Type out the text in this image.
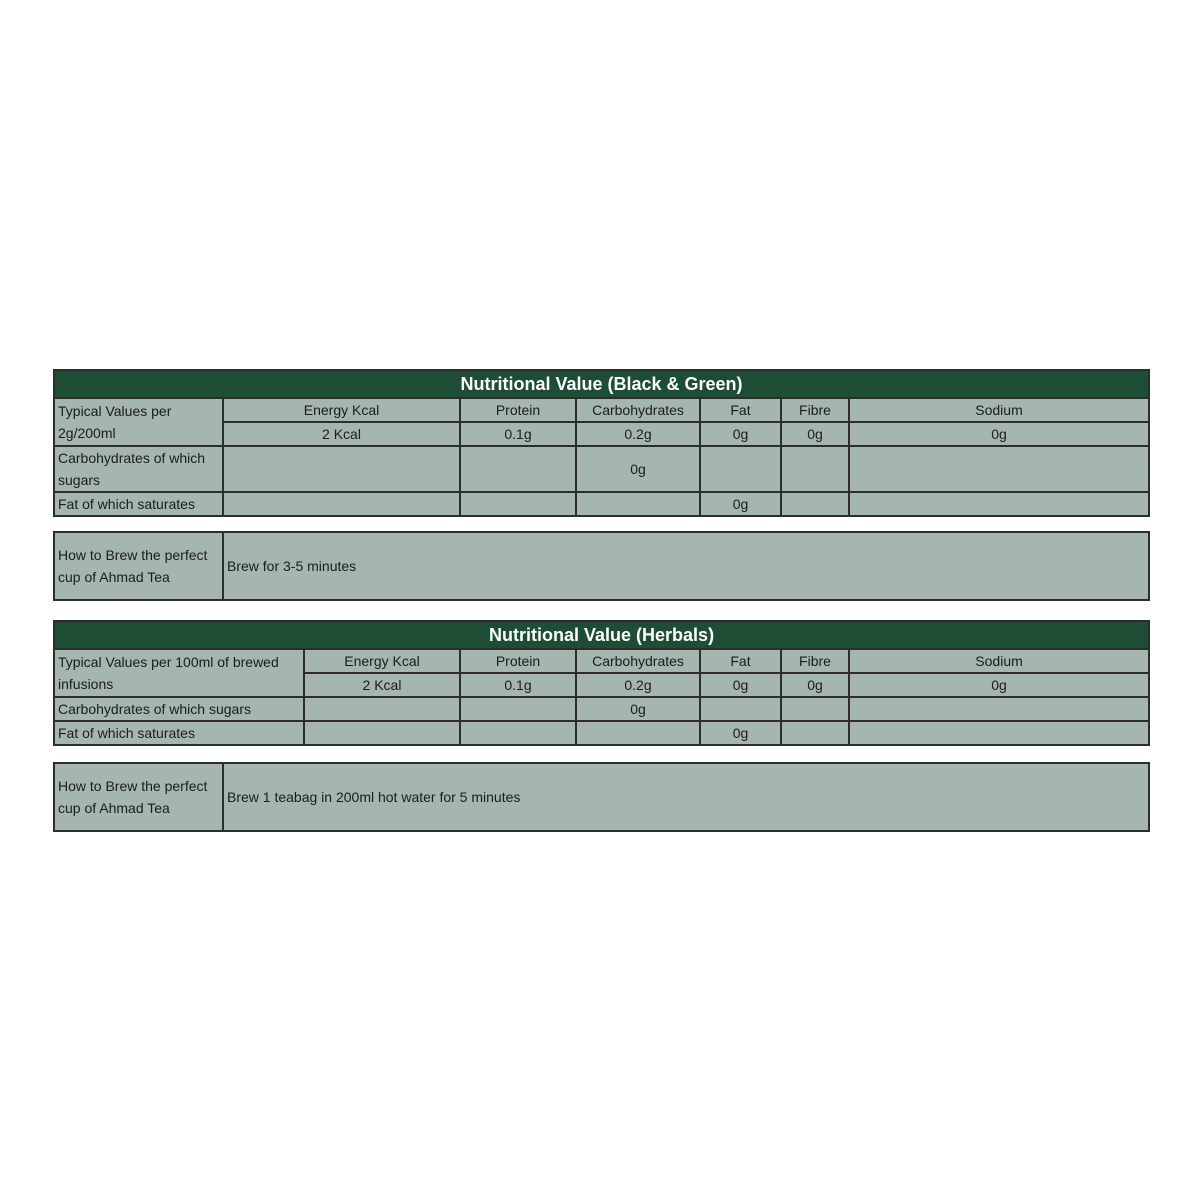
Nutritional Value (Black & Green)						
Typical Values per 2g/200ml	Energy Kcal	Protein	Carbohydrates	Fat	Fibre	Sodium
	2 Kcal	0.1g	0.2g	0g	0g	0g
Carbohydrates of which sugars			0g			
Fat of which saturates				0g		
How to Brew the perfect cup of Ahmad Tea	Brew for 3-5 minutes
Nutritional Value (Herbals)						
Typical Values per 100ml of brewed infusions	Energy Kcal	Protein	Carbohydrates	Fat	Fibre	Sodium
	2 Kcal	0.1g	0.2g	0g	0g	0g
Carbohydrates of which sugars			0g			
Fat of which saturates				0g		
How to Brew the perfect cup of Ahmad Tea	Brew 1 teabag in 200ml hot water for 5 minutes
